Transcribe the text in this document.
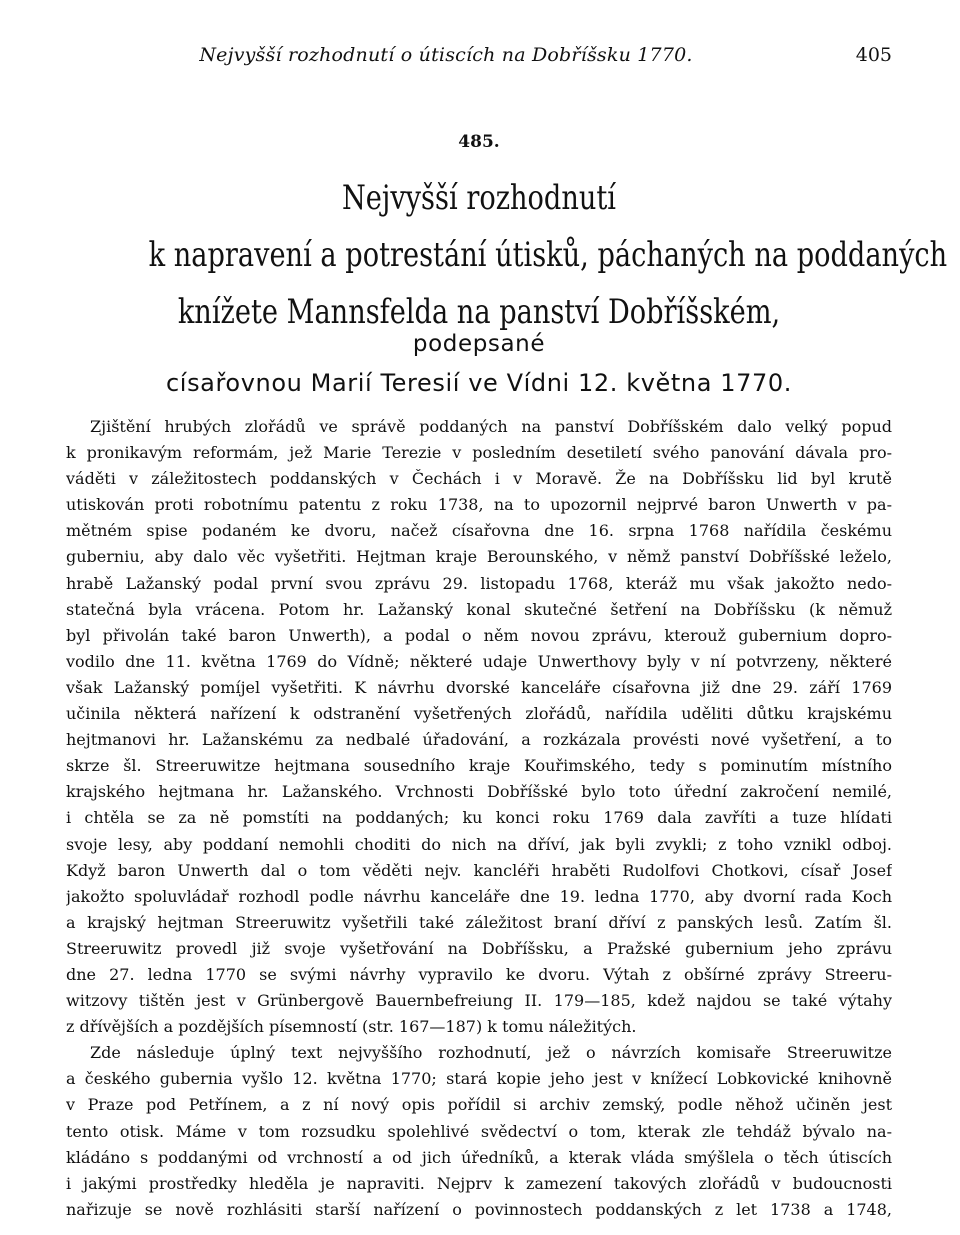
Nejvyšší rozhodnutí o útiscích na Dobříšsku 1770.	405
485.
Nejvyšší rozhodnutí
k napravení a potrestání útisků, páchaných na poddaných
knížete Mannsfelda na panství Dobříšském,
podepsané
císařovnou Marií Teresií ve Vídni 12. května 1770.
Zjištění hrubých zlořádů ve správě poddaných na panství Dobříšském dalo velký popud
k pronikavým reformám, jež Marie Terezie v posledním desetiletí svého panování dávala pro-
váděti v záležitostech poddanských v Čechách i v Moravě. Že na Dobříšsku lid byl krutě
utiskován proti robotnímu patentu z roku 1738, na to upozornil nejprvé baron Unwerth v pa-
mětném spise podaném ke dvoru, načež císařovna dne 16. srpna 1768 nařídila českému
guberniu, aby dalo věc vyšetřiti. Hejtman kraje Berounského, v němž panství Dobříšské leželo,
hrabě Lažanský podal první svou zprávu 29. listopadu 1768, kteráž mu však jakožto nedo-
statečná byla vrácena. Potom hr. Lažanský konal skutečné šetření na Dobříšsku (k němuž
byl přivolán také baron Unwerth), a podal o něm novou zprávu, kterouž gubernium dopro-
vodilo dne 11. května 1769 do Vídně; některé udaje Unwerthovy byly v ní potvrzeny, některé
však Lažanský pomíjel vyšetřiti. K návrhu dvorské kanceláře císařovna již dne 29. září 1769
učinila některá nařízení k odstranění vyšetřených zlořádů, nařídila uděliti důtku krajskému
hejtmanovi hr. Lažanskému za nedbalé úřadování, a rozkázala provésti nové vyšetření, a to
skrze šl. Streeruwitze hejtmana sousedního kraje Kouřimského, tedy s pominutím místního
krajského hejtmana hr. Lažanského. Vrchnosti Dobříšské bylo toto úřední zakročení nemilé,
i chtěla se za ně pomstíti na poddaných; ku konci roku 1769 dala zavříti a tuze hlídati
svoje lesy, aby poddaní nemohli choditi do nich na dříví, jak byli zvykli; z toho vznikl odboj.
Když baron Unwerth dal o tom věděti nejv. kancléři hraběti Rudolfovi Chotkovi, císař Josef
jakožto spoluvládař rozhodl podle návrhu kanceláře dne 19. ledna 1770, aby dvorní rada Koch
a krajský hejtman Streeruwitz vyšetřili také záležitost braní dříví z panských lesů. Zatím šl.
Streeruwitz provedl již svoje vyšetřování na Dobříšsku, a Pražské gubernium jeho zprávu
dne 27. ledna 1770 se svými návrhy vypravilo ke dvoru. Výtah z obšírné zprávy Streeru-
witzovy tištěn jest v Grünbergově Bauernbefreiung II. 179—185, kdež najdou se také výtahy
z dřívějších a pozdějších písemností (str. 167—187) k tomu náležitých.
Zde následuje úplný text nejvyššího rozhodnutí, jež o návrzích komisaře Streeruwitze
a českého gubernia vyšlo 12. května 1770; stará kopie jeho jest v knížecí Lobkovické knihovně
v Praze pod Petřínem, a z ní nový opis pořídil si archiv zemský, podle něhož učiněn jest
tento otisk. Máme v tom rozsudku spolehlivé svědectví o tom, kterak zle tehdáž bývalo na-
kládáno s poddanými od vrchností a od jich úředníků, a kterak vláda smýšlela o těch útiscích
i jakými prostředky hleděla je napraviti. Nejprv k zamezení takových zlořádů v budoucnosti
nařizuje se nově rozhlásiti starší nařízení o povinnostech poddanských z let 1738 a 1748,
